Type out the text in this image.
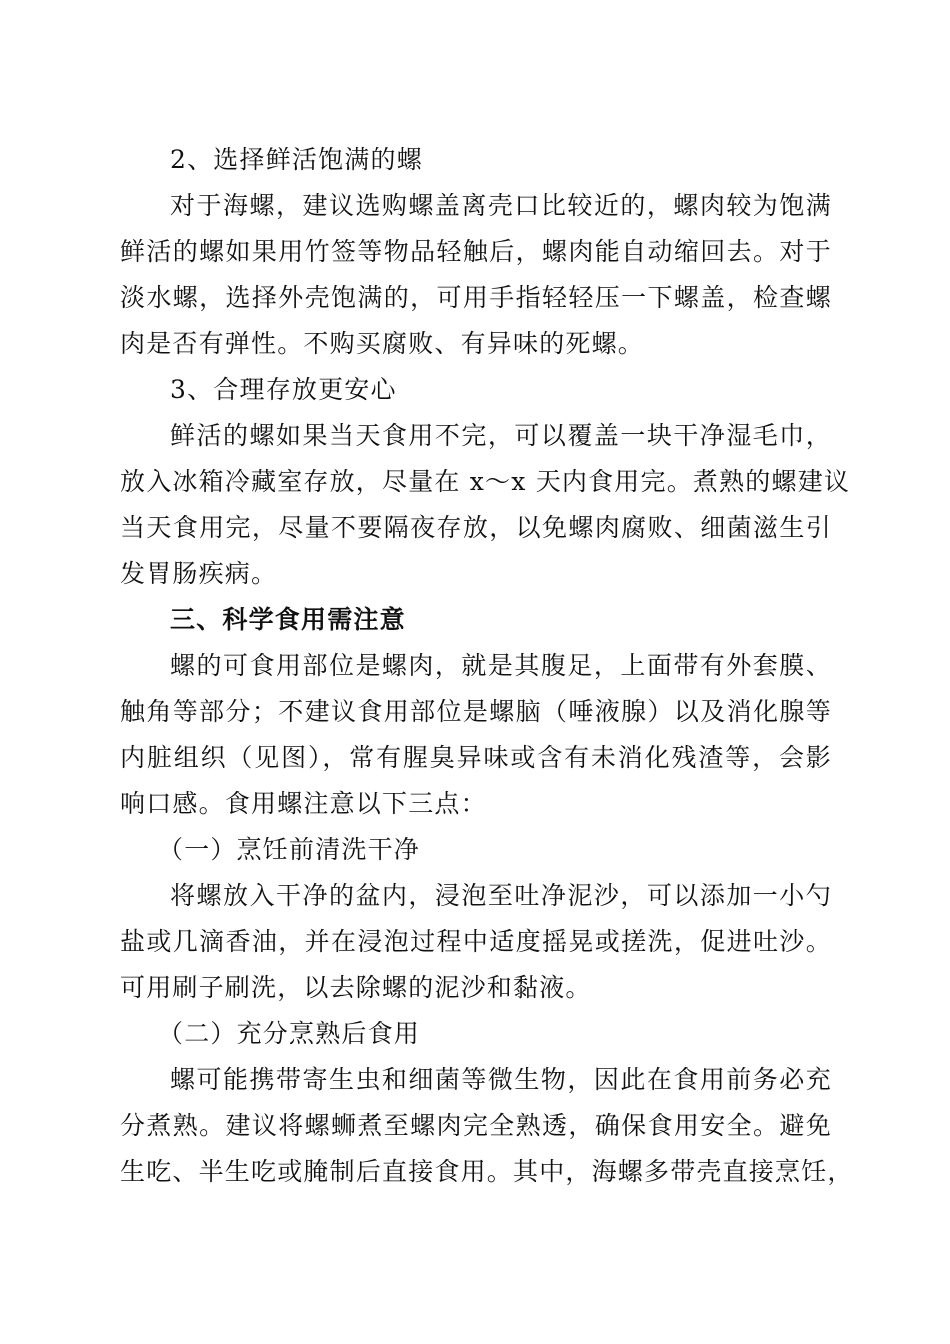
2、选择鲜活饱满的螺
对于海螺，建议选购螺盖离壳口比较近的，螺肉较为饱满
鲜活的螺如果用竹签等物品轻触后，螺肉能自动缩回去。对于
淡水螺，选择外壳饱满的，可用手指轻轻压一下螺盖，检查螺
肉是否有弹性。不购买腐败、有异味的死螺。
3、合理存放更安心
鲜活的螺如果当天食用不完，可以覆盖一块干净湿毛巾，
放入冰箱冷藏室存放，尽量在 x～x 天内食用完。煮熟的螺建议
当天食用完，尽量不要隔夜存放，以免螺肉腐败、细菌滋生引
发胃肠疾病。
三、科学食用需注意
螺的可食用部位是螺肉，就是其腹足，上面带有外套膜、
触角等部分；不建议食用部位是螺脑（唾液腺）以及消化腺等
内脏组织（见图），常有腥臭异味或含有未消化残渣等，会影
响口感。食用螺注意以下三点：
（一）烹饪前清洗干净
将螺放入干净的盆内，浸泡至吐净泥沙，可以添加一小勺
盐或几滴香油，并在浸泡过程中适度摇晃或搓洗，促进吐沙。
可用刷子刷洗，以去除螺的泥沙和黏液。
（二）充分烹熟后食用
螺可能携带寄生虫和细菌等微生物，因此在食用前务必充
分煮熟。建议将螺蛳煮至螺肉完全熟透，确保食用安全。避免
生吃、半生吃或腌制后直接食用。其中，海螺多带壳直接烹饪，
